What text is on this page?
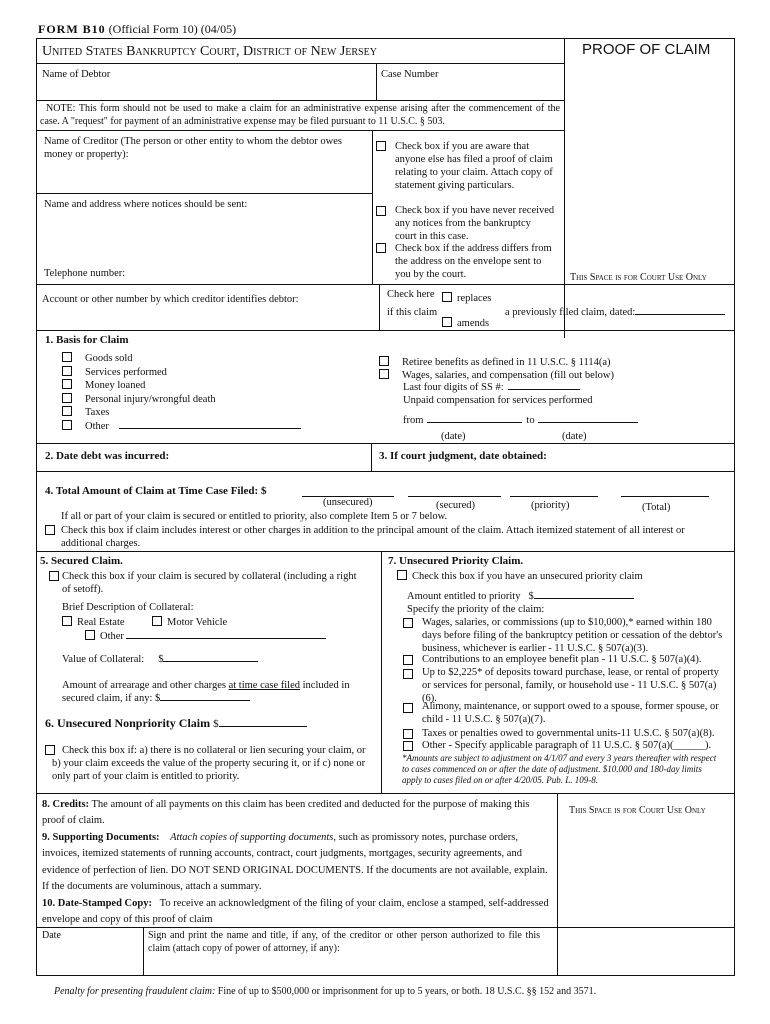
FORM B10 (Official Form 10) (04/05)
United States Bankruptcy Court, District of New Jersey	PROOF OF CLAIM
Name of Debtor	Case Number
NOTE: This form should not be used to make a claim for an administrative expense arising after the commencement of the case. A "request" for payment of an administrative expense may be filed pursuant to 11 U.S.C. § 503.
Name of Creditor (The person or other entity to whom the debtor owes money or property):
Name and address where notices should be sent:
Telephone number:
Check box if you are aware that anyone else has filed a proof of claim relating to your claim. Attach copy of statement giving particulars.
Check box if you have never received any notices from the bankruptcy court in this case.
Check box if the address differs from the address on the envelope sent to you by the court.	This Space is for Court Use Only
Account or other number by which creditor identifies debtor:	Check here	replaces
if this claim	a previously filed claim, dated:
amends
1. Basis for Claim
Goods sold
Services performed
Money loaned
Personal injury/wrongful death
Taxes
Other
Retiree benefits as defined in 11 U.S.C. § 1114(a)
Wages, salaries, and compensation (fill out below)
Last four digits of SS #:
Unpaid compensation for services performed
from	to
(date)	(date)
2. Date debt was incurred:	3. If court judgment, date obtained:
4. Total Amount of Claim at Time Case Filed: $
(unsecured)	(secured)	(priority)	(Total)
If all or part of your claim is secured or entitled to priority, also complete Item 5 or 7 below.
Check this box if claim includes interest or other charges in addition to the principal amount of the claim. Attach itemized statement of all interest or additional charges.
5. Secured Claim.
Check this box if your claim is secured by collateral (including a right of setoff).
Brief Description of Collateral:
Real Estate	Motor Vehicle
Other
Value of Collateral: $
Amount of arrearage and other charges at time case filed included in secured claim, if any: $
6. Unsecured Nonpriority Claim $
Check this box if: a) there is no collateral or lien securing your claim, or b) your claim exceeds the value of the property securing it, or if c) none or only part of your claim is entitled to priority.
7. Unsecured Priority Claim.
Check this box if you have an unsecured priority claim
Amount entitled to priority $
Specify the priority of the claim:
Wages, salaries, or commissions (up to $10,000),* earned within 180 days before filing of the bankruptcy petition or cessation of the debtor's business, whichever is earlier - 11 U.S.C. § 507(a)(3).
Contributions to an employee benefit plan - 11 U.S.C. § 507(a)(4).
Up to $2,225* of deposits toward purchase, lease, or rental of property or services for personal, family, or household use - 11 U.S.C. § 507(a)(6).
Alimony, maintenance, or support owed to a spouse, former spouse, or child - 11 U.S.C. § 507(a)(7).
Taxes or penalties owed to governmental units-11 U.S.C. § 507(a)(8).
Other - Specify applicable paragraph of 11 U.S.C. § 507(a)(______).
*Amounts are subject to adjustment on 4/1/07 and every 3 years thereafter with respect to cases commenced on or after the date of adjustment. $10.000 and 180-day limits apply to cases filed on or after 4/20/05. Pub. L. 109-8.
8. Credits: The amount of all payments on this claim has been credited and deducted for the purpose of making this proof of claim.
9. Supporting Documents: Attach copies of supporting documents, such as promissory notes, purchase orders, invoices, itemized statements of running accounts, contract, court judgments, mortgages, security agreements, and evidence of perfection of lien. DO NOT SEND ORIGINAL DOCUMENTS. If the documents are not available, explain. If the documents are voluminous, attach a summary.
10. Date-Stamped Copy: To receive an acknowledgment of the filing of your claim, enclose a stamped, self-addressed envelope and copy of this proof of claim
This Space is for Court Use Only
Date	Sign and print the name and title, if any, of the creditor or other person authorized to file this claim (attach copy of power of attorney, if any):
Penalty for presenting fraudulent claim: Fine of up to $500,000 or imprisonment for up to 5 years, or both. 18 U.S.C. §§ 152 and 3571.
